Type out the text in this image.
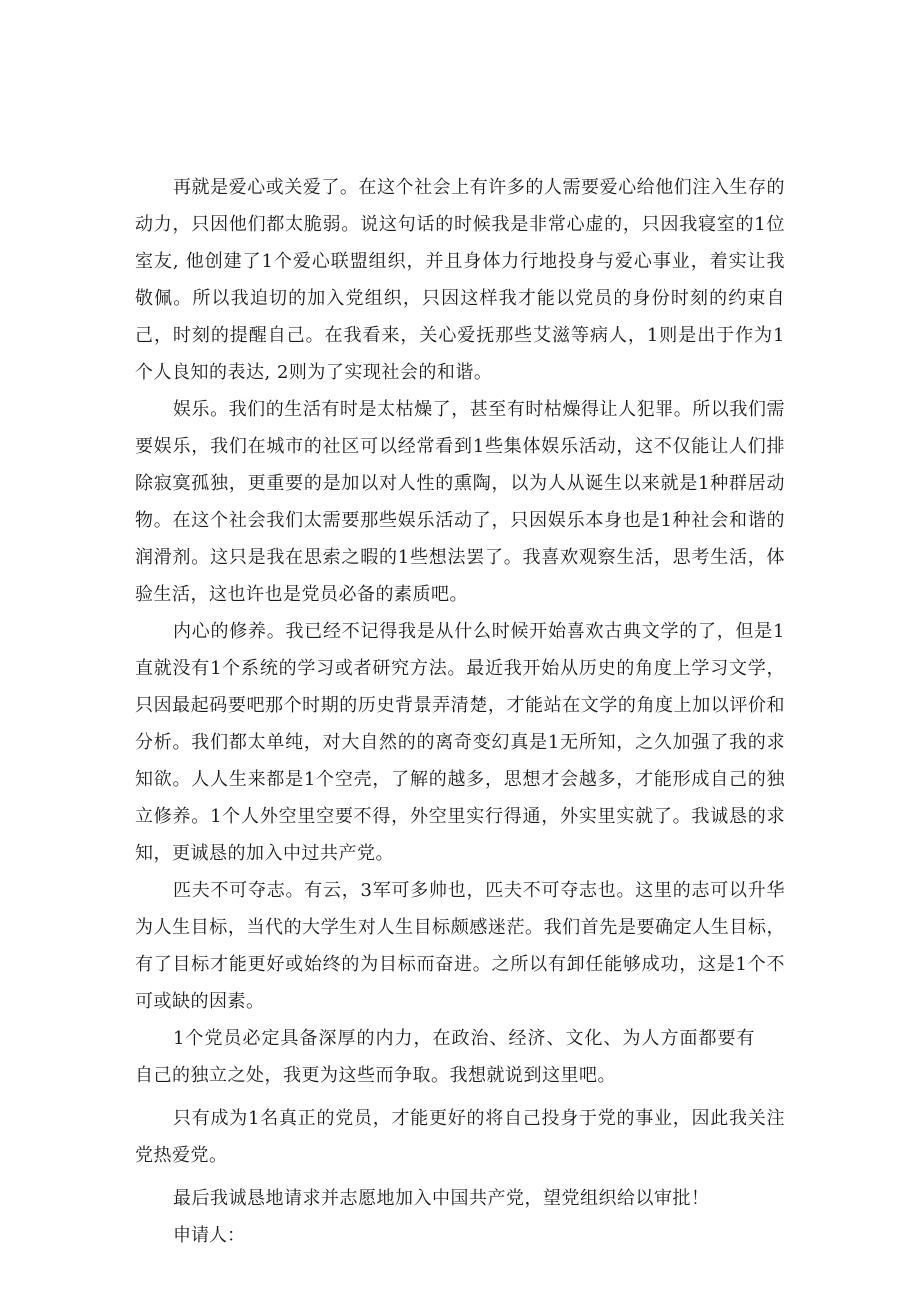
再就是爱心或关爱了。在这个社会上有许多的人需要爱心给他们注入生存的动力，只因他们都太脆弱。说这句话的时候我是非常心虚的，只因我寝室的1位室友, 他创建了1个爱心联盟组织，并且身体力行地投身与爱心事业，着实让我敬佩。所以我迫切的加入党组织，只因这样我才能以党员的身份时刻的约束自己，时刻的提醒自己。在我看来，关心爱抚那些艾滋等病人，1则是出于作为1个人良知的表达, 2则为了实现社会的和谐。

娱乐。我们的生活有时是太枯燥了，甚至有时枯燥得让人犯罪。所以我们需要娱乐，我们在城市的社区可以经常看到1些集体娱乐活动，这不仅能让人们排除寂寞孤独，更重要的是加以对人性的熏陶，以为人从诞生以来就是1种群居动物。在这个社会我们太需要那些娱乐活动了，只因娱乐本身也是1种社会和谐的润滑剂。这只是我在思索之暇的1些想法罢了。我喜欢观察生活，思考生活，体验生活，这也许也是党员必备的素质吧。

内心的修养。我已经不记得我是从什么时候开始喜欢古典文学的了，但是1直就没有1个系统的学习或者研究方法。最近我开始从历史的角度上学习文学，只因最起码要吧那个时期的历史背景弄清楚，才能站在文学的角度上加以评价和分析。我们都太单纯，对大自然的的离奇变幻真是1无所知，之久加强了我的求知欲。人人生来都是1个空壳，了解的越多，思想才会越多，才能形成自己的独立修养。1个人外空里空要不得，外空里实行得通，外实里实就了。我诚恳的求知，更诚恳的加入中过共产党。

匹夫不可夺志。有云，3军可多帅也，匹夫不可夺志也。这里的志可以升华为人生目标，当代的大学生对人生目标颇感迷茫。我们首先是要确定人生目标，有了目标才能更好或始终的为目标而奋进。之所以有卸任能够成功，这是1个不可或缺的因素。

1个党员必定具备深厚的内力，在政治、经济、文化、为人方面都要有自己的独立之处，我更为这些而争取。我想就说到这里吧。

只有成为1名真正的党员，才能更好的将自己投身于党的事业，因此我关注党热爱党。

最后我诚恳地请求并志愿地加入中国共产党，望党组织给以审批！

申请人：
